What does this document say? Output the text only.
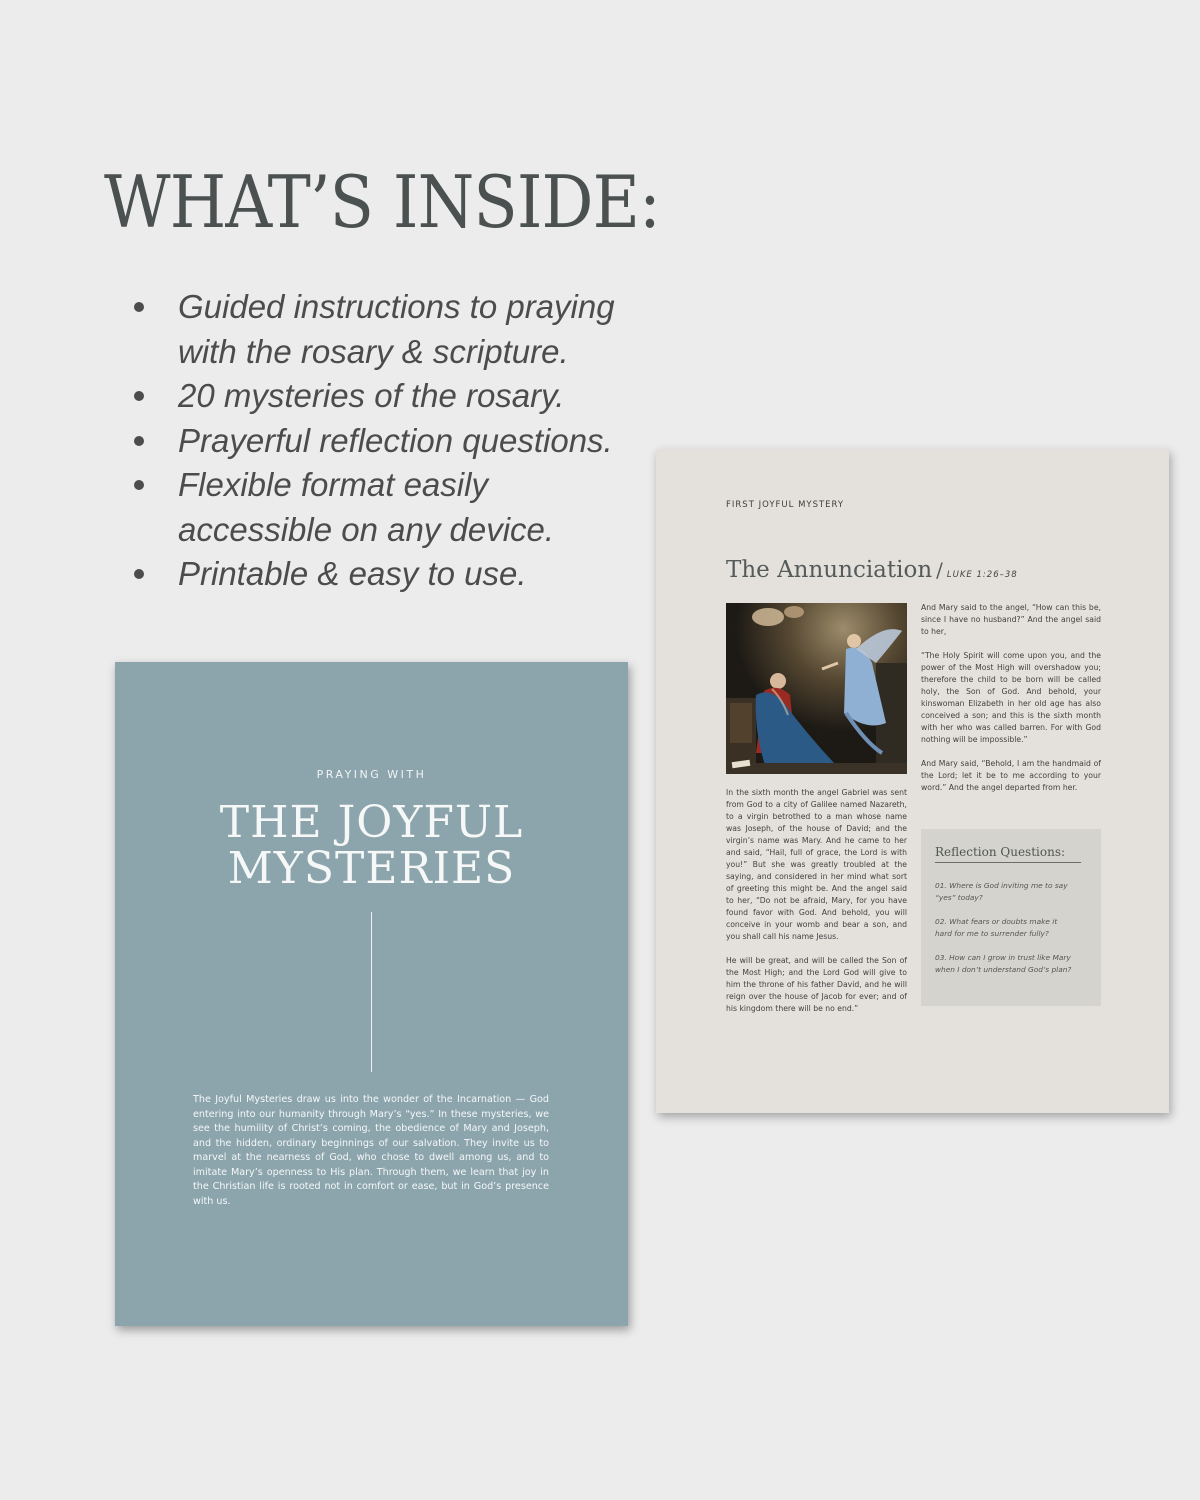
WHAT’S INSIDE:
Guided instructions to praying with the rosary & scripture.
20 mysteries of the rosary.
Prayerful reflection questions.
Flexible format easily accessible on any device.
Printable & easy to use.
PRAYING WITH
THE JOYFUL
MYSTERIES

The Joyful Mysteries draw us into the wonder of the Incarnation — God entering into our humanity through Mary’s “yes.” In these mysteries, we see the humility of Christ’s coming, the obedience of Mary and Joseph, and the hidden, ordinary beginnings of our salvation. They invite us to marvel at the nearness of God, who chose to dwell among us, and to imitate Mary’s openness to His plan. Through them, we learn that joy in the Christian life is rooted not in comfort or ease, but in God’s presence with us.

FIRST JOYFUL MYSTERY
The Annunciation / LUKE 1:26–38

In the sixth month the angel Gabriel was sent from God to a city of Galilee named Nazareth, to a virgin betrothed to a man whose name was Joseph, of the house of David; and the virgin’s name was Mary. And he came to her and said, “Hail, full of grace, the Lord is with you!” But she was greatly troubled at the saying, and considered in her mind what sort of greeting this might be. And the angel said to her, “Do not be afraid, Mary, for you have found favor with God. And behold, you will conceive in your womb and bear a son, and you shall call his name Jesus.

He will be great, and will be called the Son of the Most High; and the Lord God will give to him the throne of his father David, and he will reign over the house of Jacob for ever; and of his kingdom there will be no end.”

And Mary said to the angel, “How can this be, since I have no husband?” And the angel said to her,

“The Holy Spirit will come upon you, and the power of the Most High will overshadow you; therefore the child to be born will be called holy, the Son of God. And behold, your kinswoman Elizabeth in her old age has also conceived a son; and this is the sixth month with her who was called barren. For with God nothing will be impossible.”

And Mary said, “Behold, I am the handmaid of the Lord; let it be to me according to your word.” And the angel departed from her.

Reflection Questions:

01. Where is God inviting me to say “yes” today?

02. What fears or doubts make it hard for me to surrender fully?

03. How can I grow in trust like Mary when I don’t understand God’s plan?
